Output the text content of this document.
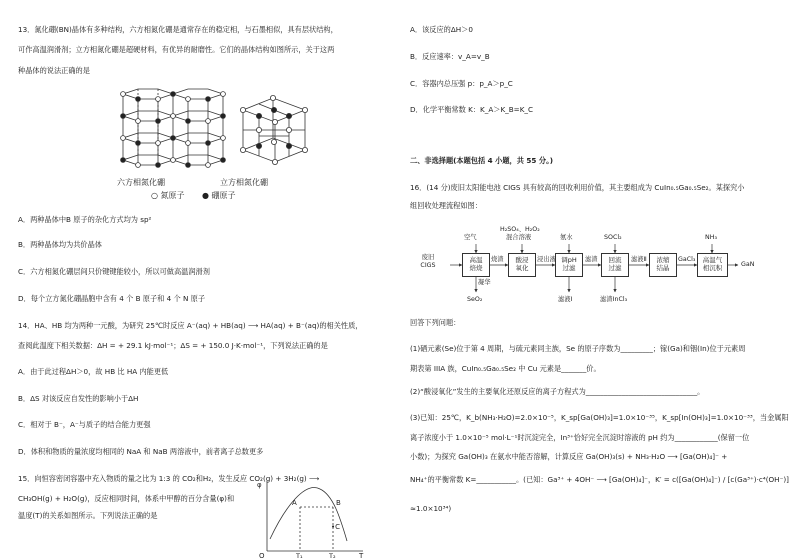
13．氮化硼(BN)晶体有多种结构，六方相氮化硼是通常存在的稳定相，与石墨相似，具有层状结构，
可作高温润滑剂；立方相氮化硼是超硬材料，有优异的耐磨性。它们的晶体结构如图所示，关于这两
种晶体的说法正确的是
六方相氮化硼	立方相氮化硼
○ 氮原子 ● 硼原子
A．两种晶体中B 原子的杂化方式均为 sp²
B．两种晶体均为共价晶体
C．六方相氮化硼层间只价键键能较小，所以可做高温润滑剂
D．每个立方氮化硼晶胞中含有 4 个 B 原子和 4 个 N 原子
14．HA、HB 均为两种一元酸，为研究 25℃时反应 A⁻(aq) + HB(aq) ⟶ HA(aq) + B⁻(aq)的相关性质，
查阅此温度下相关数据：ΔH = + 29.1 kJ·mol⁻¹；ΔS = + 150.0 J·K·mol⁻¹，下列说法正确的是
A．由于此过程ΔH＞0，故 HB 比 HA 内能更低
B．ΔS 对该反应自发性的影响小于ΔH
C．相对于 B⁻，A⁻与质子的结合能力更强
D．体积和物质的量浓度均相同的 NaA 和 NaB 两溶液中，前者离子总数更多
15．向恒容密闭容器中充入物质的量之比为 1:3 的 CO₂和H₂，发生反应 CO₂(g) + 3H₂(g) ⟶
CH₃OH(g) + H₂O(g)，反应相同时间，体系中甲醇的百分含量(φ)和
温度(T)的关系如图所示。下列说法正确的是
φ
T
O	T₁	T₂
A	B
•C
A．该反应的ΔH＞0
B．反应速率：v_A=v_B
C．容器内总压强 p：p_A＞p_C
D．化学平衡常数 K：K_A＞K_B=K_C
二、非选择题(本题包括 4 小题，共 55 分。)
16．(14 分)废旧太阳能电池 CIGS 具有较高的回收利用价值，其主要组成为 CuIn₀.₅Ga₀.₅Se₂。某探究小
组回收处理流程如图：
废旧
CIGS
高温
焙烧
酸浸
氧化
调pH
过滤
回流
过滤
浓缩
结晶
高温气
相沉积
空气
H₂SO₄、H₂O₂
混合溶液	氨水	SOCl₂	NH₃
烧渣	浸出液	滤渣	滤液Ⅱ	GaCl₃
GaN
凝华
SeO₂	滤液Ⅰ	滤渣InCl₃
回答下列问题：
(1)硒元素(Se)位于第 4 周期，与硫元素同主族，Se 的原子序数为_________；镓(Ga)和铟(In)位于元素周
期表第 IIIA 族，CuIn₀.₅Ga₀.₅Se₂ 中 Cu 元素是_______价。
(2)“酸浸氧化”发生的主要氧化还原反应的离子方程式为_______________________________。
(3)已知：25℃，K_b(NH₃·H₂O)=2.0×10⁻⁵，K_sp[Ga(OH)₃]=1.0×10⁻³⁵，K_sp[In(OH)₃]=1.0×10⁻³³，当金属阳
离子浓度小于 1.0×10⁻⁵ mol·L⁻¹时沉淀完全，In³⁺恰好完全沉淀时溶液的 pH 约为____________(保留一位
小数)；为探究 Ga(OH)₃ 在氨水中能否溶解，计算反应 Ga(OH)₃(s) + NH₃·H₂O ⟶ [Ga(OH)₄]⁻ +
NH₄⁺的平衡常数 K=___________。(已知：Ga³⁺ + 4OH⁻ ⟶ [Ga(OH)₄]⁻，K′ = c([Ga(OH)₄]⁻) / [c(Ga³⁺)·c⁴(OH⁻)]
≈1.0×10³⁴)
